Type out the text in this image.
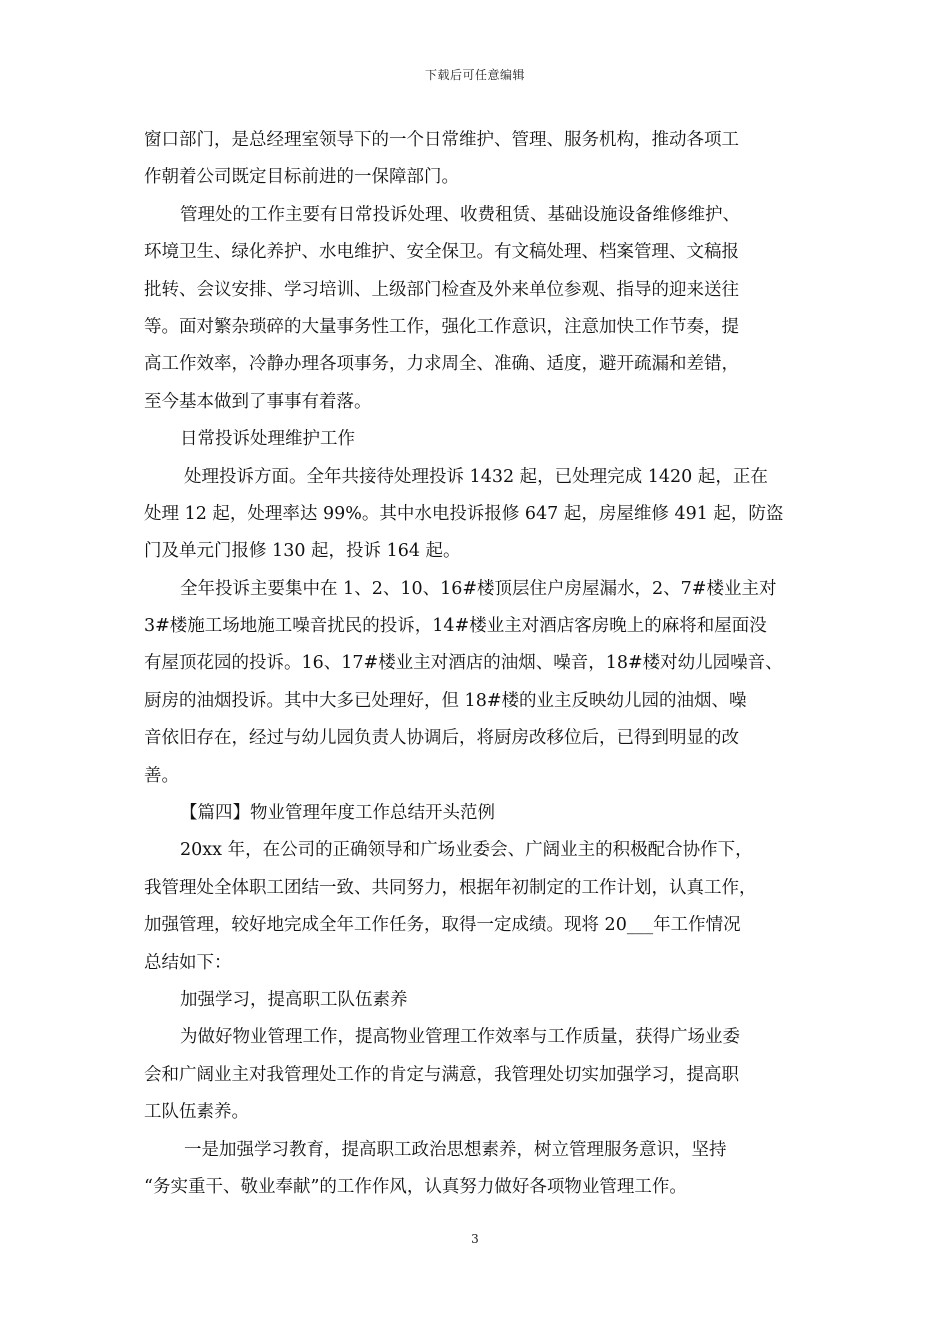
下载后可任意编辑
窗口部门，是总经理室领导下的一个日常维护、管理、服务机构，推动各项工
作朝着公司既定目标前进的一保障部门。
管理处的工作主要有日常投诉处理、收费租赁、基础设施设备维修维护、
环境卫生、绿化养护、水电维护、安全保卫。有文稿处理、档案管理、文稿报
批转、会议安排、学习培训、上级部门检查及外来单位参观、指导的迎来送往
等。面对繁杂琐碎的大量事务性工作，强化工作意识，注意加快工作节奏，提
高工作效率，冷静办理各项事务，力求周全、准确、适度，避开疏漏和差错，
至今基本做到了事事有着落。
日常投诉处理维护工作
处理投诉方面。全年共接待处理投诉 1432 起，已处理完成 1420 起，正在
处理 12 起，处理率达 99%。其中水电投诉报修 647 起，房屋维修 491 起，防盗
门及单元门报修 130 起，投诉 164 起。
全年投诉主要集中在 1、2、10、16#楼顶层住户房屋漏水，2、7#楼业主对
3#楼施工场地施工噪音扰民的投诉，14#楼业主对酒店客房晚上的麻将和屋面没
有屋顶花园的投诉。16、17#楼业主对酒店的油烟、噪音，18#楼对幼儿园噪音、
厨房的油烟投诉。其中大多已处理好，但 18#楼的业主反映幼儿园的油烟、噪
音依旧存在，经过与幼儿园负责人协调后，将厨房改移位后，已得到明显的改
善。
【篇四】物业管理年度工作总结开头范例
20xx 年，在公司的正确领导和广场业委会、广阔业主的积极配合协作下，
我管理处全体职工团结一致、共同努力，根据年初制定的工作计划，认真工作，
加强管理，较好地完成全年工作任务，取得一定成绩。现将 20___年工作情况
总结如下：
加强学习，提高职工队伍素养
为做好物业管理工作，提高物业管理工作效率与工作质量，获得广场业委
会和广阔业主对我管理处工作的肯定与满意，我管理处切实加强学习，提高职
工队伍素养。
一是加强学习教育，提高职工政治思想素养，树立管理服务意识，坚持
“务实重干、敬业奉献”的工作作风，认真努力做好各项物业管理工作。
3
